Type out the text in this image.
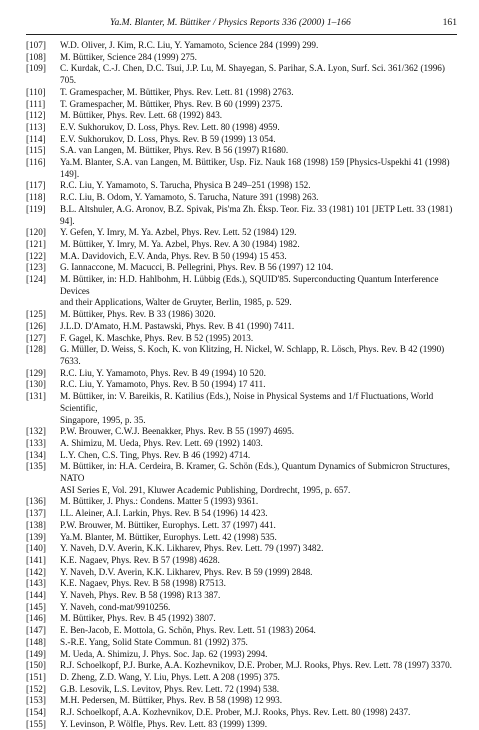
Ya.M. Blanter, M. Büttiker / Physics Reports 336 (2000) 1–166	161
[107] W.D. Oliver, J. Kim, R.C. Liu, Y. Yamamoto, Science 284 (1999) 299.
[108] M. Büttiker, Science 284 (1999) 275.
[109] C. Kurdak, C.-J. Chen, D.C. Tsui, J.P. Lu, M. Shayegan, S. Parihar, S.A. Lyon, Surf. Sci. 361/362 (1996) 705.
[110] T. Gramespacher, M. Büttiker, Phys. Rev. Lett. 81 (1998) 2763.
[111] T. Gramespacher, M. Büttiker, Phys. Rev. B 60 (1999) 2375.
[112] M. Büttiker, Phys. Rev. Lett. 68 (1992) 843.
[113] E.V. Sukhorukov, D. Loss, Phys. Rev. Lett. 80 (1998) 4959.
[114] E.V. Sukhorukov, D. Loss, Phys. Rev. B 59 (1999) 13 054.
[115] S.A. van Langen, M. Büttiker, Phys. Rev. B 56 (1997) R1680.
[116] Ya.M. Blanter, S.A. van Langen, M. Büttiker, Usp. Fiz. Nauk 168 (1998) 159 [Physics-Uspekhi 41 (1998) 149].
[117] R.C. Liu, Y. Yamamoto, S. Tarucha, Physica B 249–251 (1998) 152.
[118] R.C. Liu, B. Odom, Y. Yamamoto, S. Tarucha, Nature 391 (1998) 263.
[119] B.L. Altshuler, A.G. Aronov, B.Z. Spivak, Pis'ma Zh. Éksp. Teor. Fiz. 33 (1981) 101 [JETP Lett. 33 (1981) 94].
[120] Y. Gefen, Y. Imry, M. Ya. Azbel, Phys. Rev. Lett. 52 (1984) 129.
[121] M. Büttiker, Y. Imry, M. Ya. Azbel, Phys. Rev. A 30 (1984) 1982.
[122] M.A. Davidovich, E.V. Anda, Phys. Rev. B 50 (1994) 15 453.
[123] G. Iannaccone, M. Macucci, B. Pellegrini, Phys. Rev. B 56 (1997) 12 104.
[124] M. Büttiker, in: H.D. Hahlbohm, H. Lübbig (Eds.), SQUID'85. Superconducting Quantum Interference Devices
and their Applications, Walter de Gruyter, Berlin, 1985, p. 529.
[125] M. Büttiker, Phys. Rev. B 33 (1986) 3020.
[126] J.L.D. D'Amato, H.M. Pastawski, Phys. Rev. B 41 (1990) 7411.
[127] F. Gagel, K. Maschke, Phys. Rev. B 52 (1995) 2013.
[128] G. Müller, D. Weiss, S. Koch, K. von Klitzing, H. Nickel, W. Schlapp, R. Lösch, Phys. Rev. B 42 (1990) 7633.
[129] R.C. Liu, Y. Yamamoto, Phys. Rev. B 49 (1994) 10 520.
[130] R.C. Liu, Y. Yamamoto, Phys. Rev. B 50 (1994) 17 411.
[131] M. Büttiker, in: V. Bareikis, R. Katilius (Eds.), Noise in Physical Systems and 1/f Fluctuations, World Scientific,
Singapore, 1995, p. 35.
[132] P.W. Brouwer, C.W.J. Beenakker, Phys. Rev. B 55 (1997) 4695.
[133] A. Shimizu, M. Ueda, Phys. Rev. Lett. 69 (1992) 1403.
[134] L.Y. Chen, C.S. Ting, Phys. Rev. B 46 (1992) 4714.
[135] M. Büttiker, in: H.A. Cerdeira, B. Kramer, G. Schön (Eds.), Quantum Dynamics of Submicron Structures, NATO
ASI Series E, Vol. 291, Kluwer Academic Publishing, Dordrecht, 1995, p. 657.
[136] M. Büttiker, J. Phys.: Condens. Matter 5 (1993) 9361.
[137] I.L. Aleiner, A.I. Larkin, Phys. Rev. B 54 (1996) 14 423.
[138] P.W. Brouwer, M. Büttiker, Europhys. Lett. 37 (1997) 441.
[139] Ya.M. Blanter, M. Büttiker, Europhys. Lett. 42 (1998) 535.
[140] Y. Naveh, D.V. Averin, K.K. Likharev, Phys. Rev. Lett. 79 (1997) 3482.
[141] K.E. Nagaev, Phys. Rev. B 57 (1998) 4628.
[142] Y. Naveh, D.V. Averin, K.K. Likharev, Phys. Rev. B 59 (1999) 2848.
[143] K.E. Nagaev, Phys. Rev. B 58 (1998) R7513.
[144] Y. Naveh, Phys. Rev. B 58 (1998) R13 387.
[145] Y. Naveh, cond-mat/9910256.
[146] M. Büttiker, Phys. Rev. B 45 (1992) 3807.
[147] E. Ben-Jacob, E. Mottola, G. Schön, Phys. Rev. Lett. 51 (1983) 2064.
[148] S.-R.E. Yang, Solid State Commun. 81 (1992) 375.
[149] M. Ueda, A. Shimizu, J. Phys. Soc. Jap. 62 (1993) 2994.
[150] R.J. Schoelkopf, P.J. Burke, A.A. Kozhevnikov, D.E. Prober, M.J. Rooks, Phys. Rev. Lett. 78 (1997) 3370.
[151] D. Zheng, Z.D. Wang, Y. Liu, Phys. Lett. A 208 (1995) 375.
[152] G.B. Lesovik, L.S. Levitov, Phys. Rev. Lett. 72 (1994) 538.
[153] M.H. Pedersen, M. Büttiker, Phys. Rev. B 58 (1998) 12 993.
[154] R.J. Schoelkopf, A.A. Kozhevnikov, D.E. Prober, M.J. Rooks, Phys. Rev. Lett. 80 (1998) 2437.
[155] Y. Levinson, P. Wölfle, Phys. Rev. Lett. 83 (1999) 1399.
